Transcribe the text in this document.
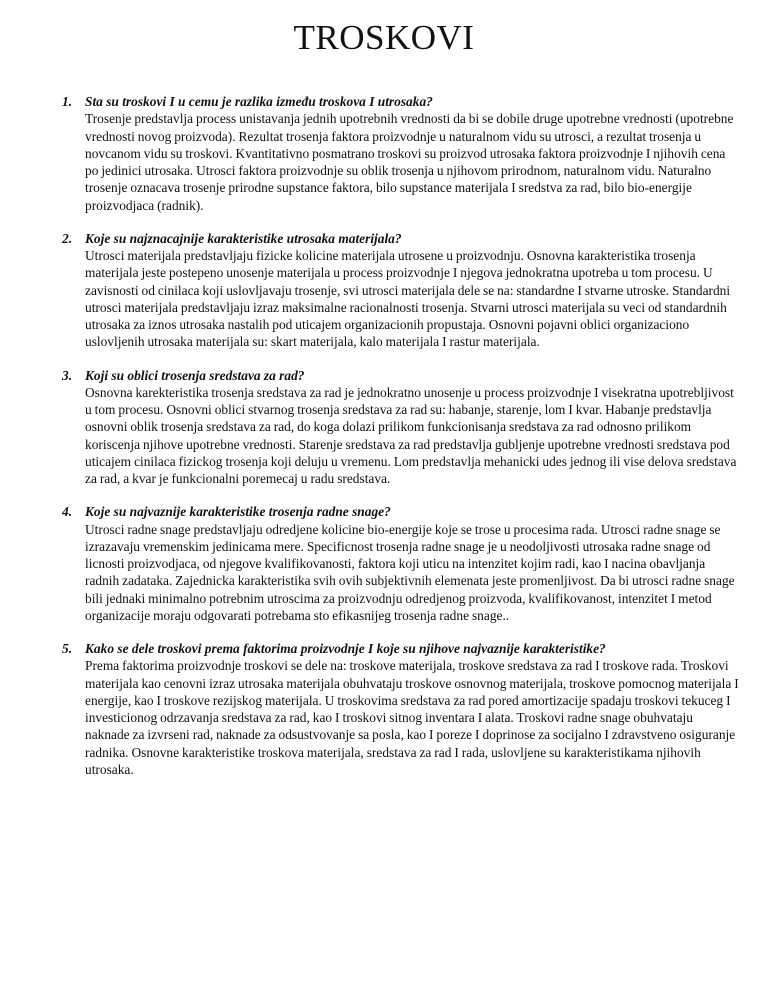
TROSKOVI
1. Sta su troskovi I u cemu je razlika između troskova I utrosaka?

Trosenje predstavlja process unistavanja jednih upotrebnih vrednosti da bi se dobile druge upotrebne vrednosti (upotrebne vrednosti novog proizvoda). Rezultat trosenja faktora proizvodnje u naturalnom vidu su utrosci, a rezultat trosenja u novcanom vidu su troskovi. Kvantitativno posmatrano troskovi su proizvod utrosaka faktora proizvodnje I njihovih cena po jedinici utrosaka. Utrosci faktora proizvodnje su oblik trosenja u njihovom prirodnom, naturalnom vidu. Naturalno trosenje oznacava trosenje prirodne supstance faktora, bilo supstance materijala I sredstva za rad, bilo bio-energije proizvodjaca (radnik).

2. Koje su najznacajnije karakteristike utrosaka materijala?

Utrosci materijala predstavljaju fizicke kolicine materijala utrosene u proizvodnju. Osnovna karakteristika trosenja materijala jeste postepeno unosenje materijala u process proizvodnje I njegova jednokratna upotreba u tom procesu. U zavisnosti od cinilaca koji uslovljavaju trosenje, svi utrosci materijala dele se na: standardne I stvarne utroske. Standardni utrosci materijala predstavljaju izraz maksimalne racionalnosti trosenja. Stvarni utrosci materijala su veci od standardnih utrosaka za iznos utrosaka nastalih pod uticajem organizacionih propustaja. Osnovni pojavni oblici organizaciono uslovljenih utrosaka materijala su: skart materijala, kalo materijala I rastur materijala.

3. Koji su oblici trosenja sredstava za rad?

Osnovna karekteristika trosenja sredstava za rad je jednokratno unosenje u process proizvodnje I visekratna upotrebljivost u tom procesu. Osnovni oblici stvarnog trosenja sredstava za rad su: habanje, starenje, lom I kvar. Habanje predstavlja osnovni oblik trosenja sredstava za rad, do koga dolazi prilikom funkcionisanja sredstava za rad odnosno prilikom koriscenja njihove upotrebne vrednosti. Starenje sredstava za rad predstavlja gubljenje upotrebne vrednosti sredstava pod uticajem cinilaca fizickog trosenja koji deluju u vremenu. Lom predstavlja mehanicki udes jednog ili vise delova sredstava za rad, a kvar je funkcionalni poremecaj u radu sredstava.

4. Koje su najvaznije karakteristike trosenja radne snage?

Utrosci radne snage predstavljaju odredjene kolicine bio-energije koje se trose u procesima rada. Utrosci radne snage se izrazavaju vremenskim jedinicama mere. Specificnost trosenja radne snage je u neodoljivosti utrosaka radne snage od licnosti proizvodjaca, od njegove kvalifikovanosti, faktora koji uticu na intenzitet kojim radi, kao I nacina obavljanja radnih zadataka. Zajednicka karakteristika svih ovih subjektivnih elemenata jeste promenljivost. Da bi utrosci radne snage bili jednaki minimalno potrebnim utroscima za proizvodnju odredjenog proizvoda, kvalifikovanost, intenzitet I metod organizacije moraju odgovarati potrebama sto efikasnijeg trosenja radne snage..

5. Kako se dele troskovi prema faktorima proizvodnje I koje su njihove najvaznije karakteristike?

Prema faktorima proizvodnje troskovi se dele na: troskove materijala, troskove sredstava za rad I troskove rada. Troskovi materijala kao cenovni izraz utrosaka materijala obuhvataju troskove osnovnog materijala, troskove pomocnog materijala I energije, kao I troskove rezijskog materijala. U troskovima sredstava za rad pored amortizacije spadaju troskovi tekuceg I investicionog odrzavanja sredstava za rad, kao I troskovi sitnog inventara I alata. Troskovi radne snage obuhvataju naknade za izvrseni rad, naknade za odsustvovanje sa posla, kao I poreze I doprinose za socijalno I zdravstveno osiguranje radnika. Osnovne karakteristike troskova materijala, sredstava za rad I rada, uslovljene su karakteristikama njihovih utrosaka.
